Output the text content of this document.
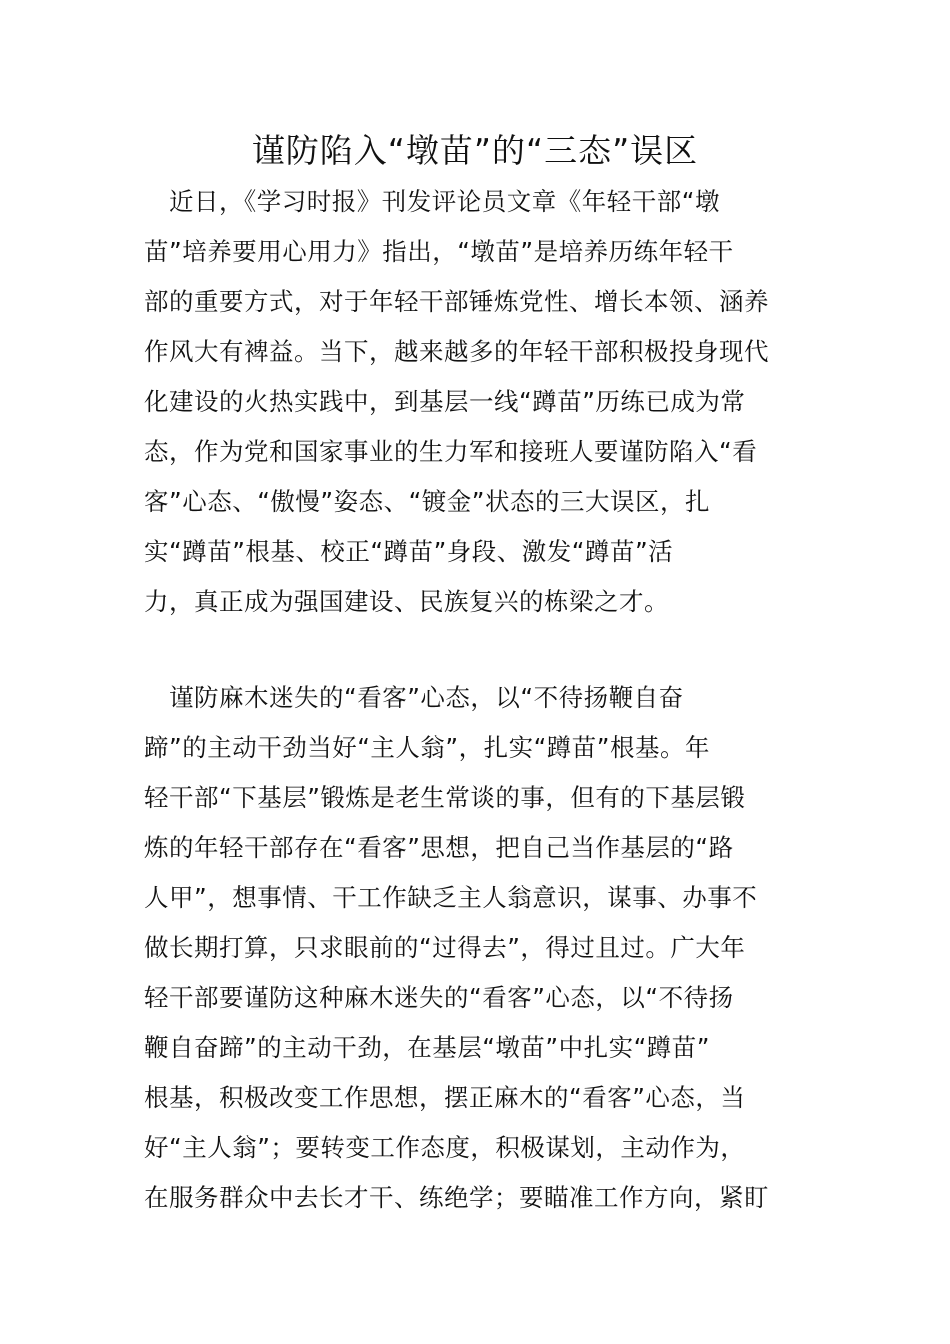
谨防陷入“墩苗”的“三态”误区
　近日，《学习时报》刊发评论员文章《年轻干部“墩
苗”培养要用心用力》指出，“墩苗”是培养历练年轻干
部的重要方式，对于年轻干部锤炼党性、增长本领、涵养
作风大有裨益。当下，越来越多的年轻干部积极投身现代
化建设的火热实践中，到基层一线“蹲苗”历练已成为常
态，作为党和国家事业的生力军和接班人要谨防陷入“看
客”心态、“傲慢”姿态、“镀金”状态的三大误区，扎
实“蹲苗”根基、校正“蹲苗”身段、激发“蹲苗”活
力，真正成为强国建设、民族复兴的栋梁之才。
　谨防麻木迷失的“看客”心态，以“不待扬鞭自奋
蹄”的主动干劲当好“主人翁”，扎实“蹲苗”根基。年
轻干部“下基层”锻炼是老生常谈的事，但有的下基层锻
炼的年轻干部存在“看客”思想，把自己当作基层的“路
人甲”，想事情、干工作缺乏主人翁意识，谋事、办事不
做长期打算，只求眼前的“过得去”，得过且过。广大年
轻干部要谨防这种麻木迷失的“看客”心态，以“不待扬
鞭自奋蹄”的主动干劲，在基层“墩苗”中扎实“蹲苗”
根基，积极改变工作思想，摆正麻木的“看客”心态，当
好“主人翁”；要转变工作态度，积极谋划，主动作为，
在服务群众中去长才干、练绝学；要瞄准工作方向，紧盯
